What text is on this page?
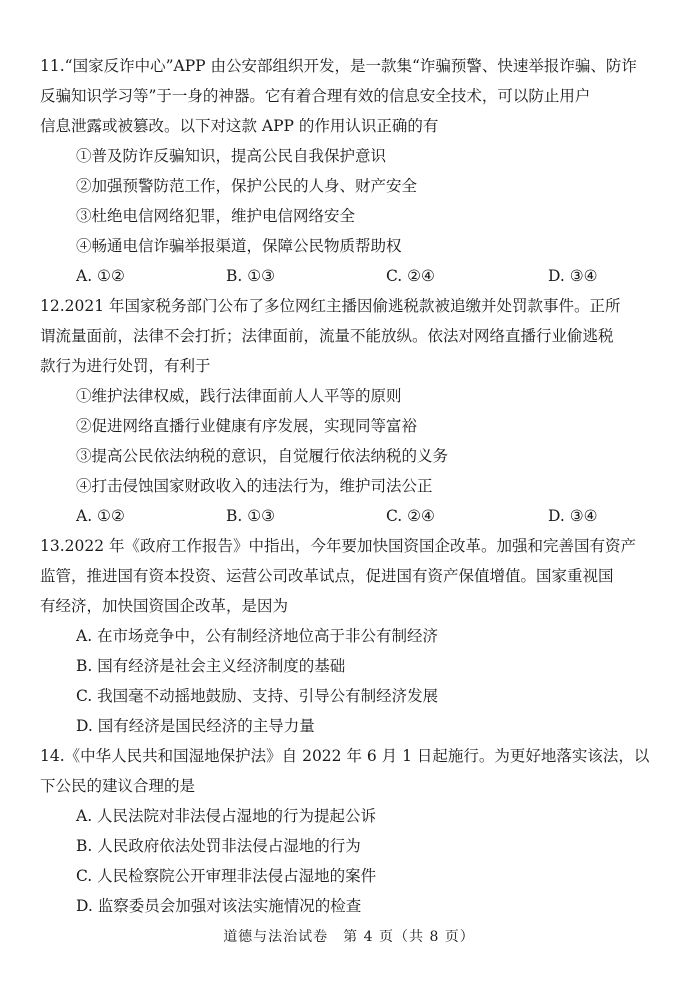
11.“国家反诈中心”APP 由公安部组织开发，是一款集“诈骗预警、快速举报诈骗、防诈
反骗知识学习等”于一身的神器。它有着合理有效的信息安全技术，可以防止用户
信息泄露或被篡改。以下对这款 APP 的作用认识正确的有
①普及防诈反骗知识，提高公民自我保护意识
②加强预警防范工作，保护公民的人身、财产安全
③杜绝电信网络犯罪，维护电信网络安全
④畅通电信诈骗举报渠道，保障公民物质帮助权
A. ①②	B. ①③	C. ②④	D. ③④
12.2021 年国家税务部门公布了多位网红主播因偷逃税款被追缴并处罚款事件。正所
谓流量面前，法律不会打折；法律面前，流量不能放纵。依法对网络直播行业偷逃税
款行为进行处罚，有利于
①维护法律权威，践行法律面前人人平等的原则
②促进网络直播行业健康有序发展，实现同等富裕
③提高公民依法纳税的意识，自觉履行依法纳税的义务
④打击侵蚀国家财政收入的违法行为，维护司法公正
A. ①②	B. ①③	C. ②④	D. ③④
13.2022 年《政府工作报告》中指出，今年要加快国资国企改革。加强和完善国有资产
监管，推进国有资本投资、运营公司改革试点，促进国有资产保值增值。国家重视国
有经济，加快国资国企改革，是因为
A. 在市场竞争中，公有制经济地位高于非公有制经济
B. 国有经济是社会主义经济制度的基础
C. 我国毫不动摇地鼓励、支持、引导公有制经济发展
D. 国有经济是国民经济的主导力量
14.《中华人民共和国湿地保护法》自 2022 年 6 月 1 日起施行。为更好地落实该法，以
下公民的建议合理的是
A. 人民法院对非法侵占湿地的行为提起公诉
B. 人民政府依法处罚非法侵占湿地的行为
C. 人民检察院公开审理非法侵占湿地的案件
D. 监察委员会加强对该法实施情况的检查
道德与法治试卷　第 4 页（共 8 页）
